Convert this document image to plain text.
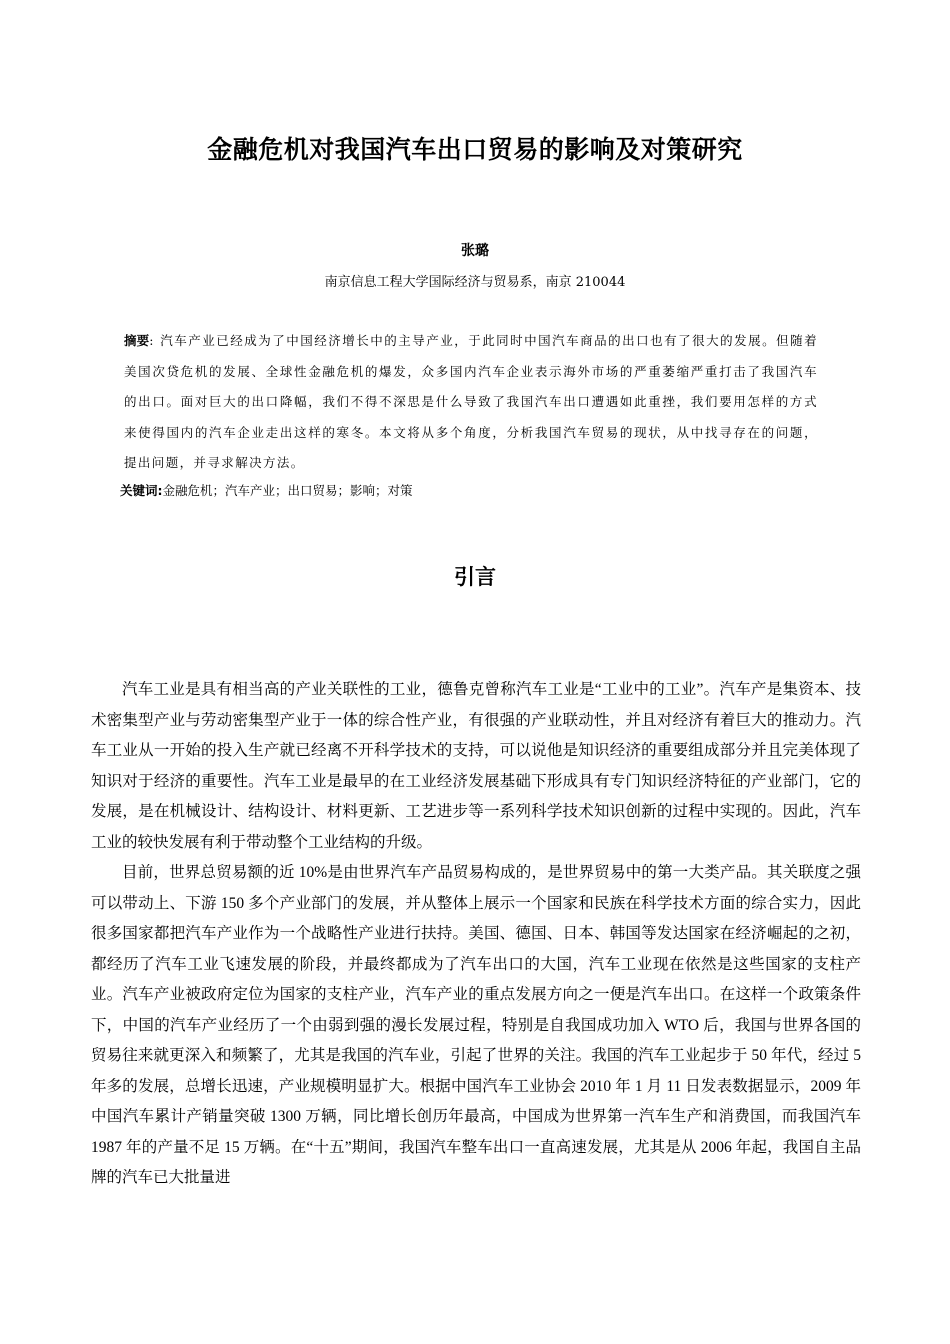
金融危机对我国汽车出口贸易的影响及对策研究
张璐
南京信息工程大学国际经济与贸易系，南京 210044
摘要: 汽车产业已经成为了中国经济增长中的主导产业，于此同时中国汽车商品的出口也有了很大的发展。但随着美国次贷危机的发展、全球性金融危机的爆发，众多国内汽车企业表示海外市场的严重萎缩严重打击了我国汽车的出口。面对巨大的出口降幅，我们不得不深思是什么导致了我国汽车出口遭遇如此重挫，我们要用怎样的方式来使得国内的汽车企业走出这样的寒冬。本文将从多个角度，分析我国汽车贸易的现状，从中找寻存在的问题，提出问题，并寻求解决方法。
关键词:金融危机；汽车产业；出口贸易；影响；对策
引言

汽车工业是具有相当高的产业关联性的工业，德鲁克曾称汽车工业是“工业中的工业”。汽车产是集资本、技术密集型产业与劳动密集型产业于一体的综合性产业，有很强的产业联动性，并且对经济有着巨大的推动力。汽车工业从一开始的投入生产就已经离不开科学技术的支持，可以说他是知识经济的重要组成部分并且完美体现了知识对于经济的重要性。汽车工业是最早的在工业经济发展基础下形成具有专门知识经济特征的产业部门，它的发展，是在机械设计、结构设计、材料更新、工艺进步等一系列科学技术知识创新的过程中实现的。因此，汽车工业的较快发展有利于带动整个工业结构的升级。

目前，世界总贸易额的近 10%是由世界汽车产品贸易构成的，是世界贸易中的第一大类产品。其关联度之强可以带动上、下游 150 多个产业部门的发展，并从整体上展示一个国家和民族在科学技术方面的综合实力，因此很多国家都把汽车产业作为一个战略性产业进行扶持。美国、德国、日本、韩国等发达国家在经济崛起的之初，都经历了汽车工业飞速发展的阶段，并最终都成为了汽车出口的大国，汽车工业现在依然是这些国家的支柱产业。汽车产业被政府定位为国家的支柱产业，汽车产业的重点发展方向之一便是汽车出口。在这样一个政策条件下，中国的汽车产业经历了一个由弱到强的漫长发展过程，特别是自我国成功加入 WTO 后，我国与世界各国的贸易往来就更深入和频繁了，尤其是我国的汽车业，引起了世界的关注。我国的汽车工业起步于 50 年代，经过 5 年多的发展，总增长迅速，产业规模明显扩大。根据中国汽车工业协会 2010 年 1 月 11 日发表数据显示，2009 年中国汽车累计产销量突破 1300 万辆，同比增长创历年最高，中国成为世界第一汽车生产和消费国，而我国汽车 1987 年的产量不足 15 万辆。在“十五”期间，我国汽车整车出口一直高速发展，尤其是从 2006 年起，我国自主品牌的汽车已大批量进
